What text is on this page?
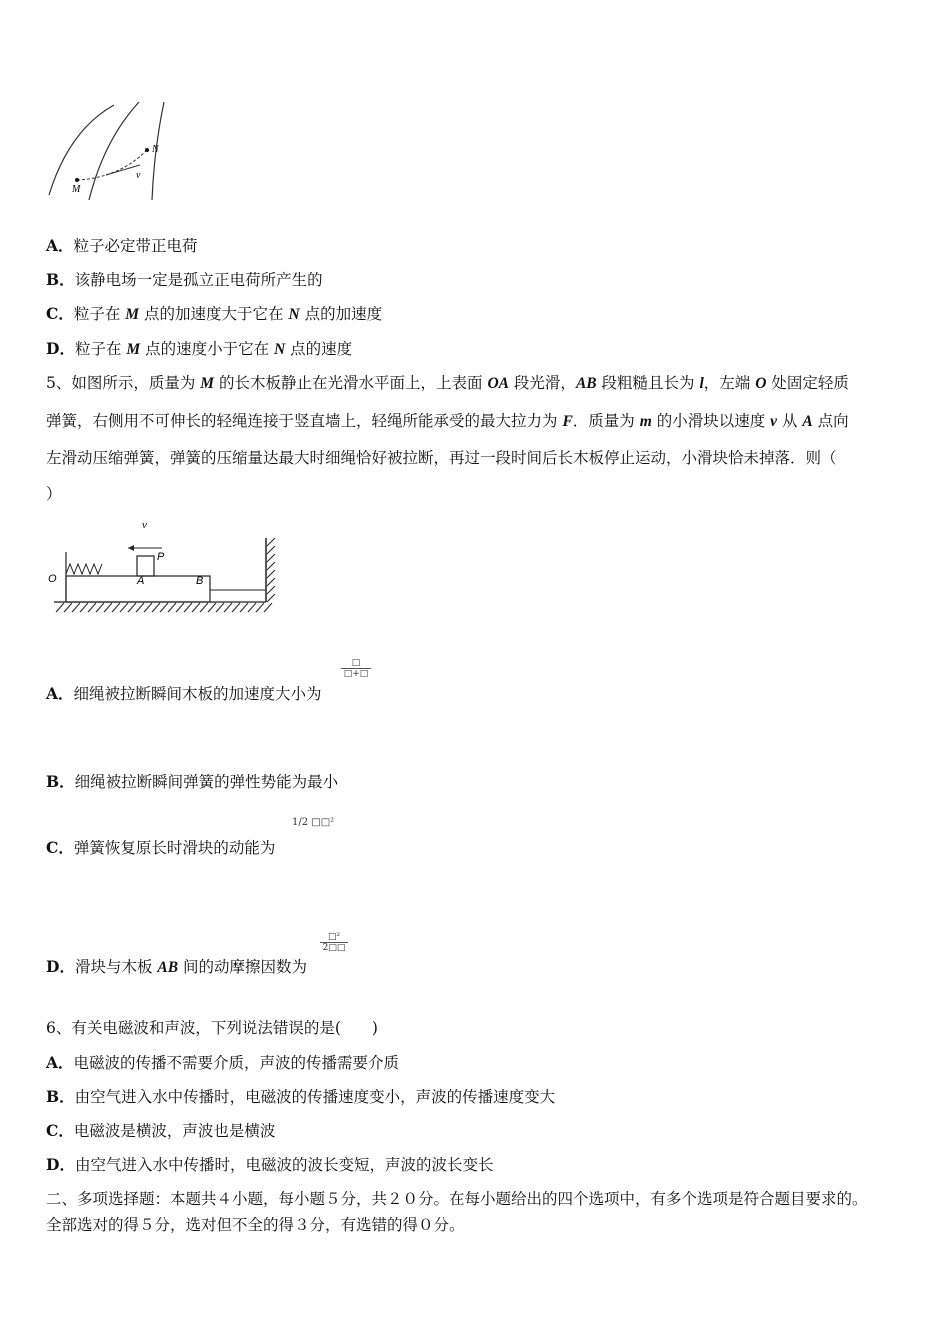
M
N
v
A．粒子必定带正电荷
B．该静电场一定是孤立正电荷所产生的
C．粒子在 M 点的加速度大于它在 N 点的加速度
D．粒子在 M 点的速度小于它在 N 点的速度
5、如图所示，质量为 M 的长木板静止在光滑水平面上，上表面 OA 段光滑，AB 段粗糙且长为 l，左端 O 处固定轻质
弹簧，右侧用不可伸长的轻绳连接于竖直墙上，轻绳所能承受的最大拉力为 F．质量为 m 的小滑块以速度 v 从 A 点向
左滑动压缩弹簧，弹簧的压缩量达最大时细绳恰好被拉断，再过一段时间后长木板停止运动，小滑块恰未掉落．则（
）
v
O
P
A	B
A．细绳被拉断瞬间木板的加速度大小为
□
□+□
B．细绳被拉断瞬间弹簧的弹性势能为最小
C．弹簧恢复原长时滑块的动能为
1/2 □□²
D．滑块与木板 AB 间的动摩擦因数为
□²
2□□
6、有关电磁波和声波，下列说法错误的是(　　)
A．电磁波的传播不需要介质，声波的传播需要介质
B．由空气进入水中传播时，电磁波的传播速度变小，声波的传播速度变大
C．电磁波是横波，声波也是横波
D．由空气进入水中传播时，电磁波的波长变短，声波的波长变长
二、多项选择题：本题共４小题，每小题５分，共２０分。在每小题给出的四个选项中，有多个选项是符合题目要求的。
全部选对的得５分，选对但不全的得３分，有选错的得０分。
